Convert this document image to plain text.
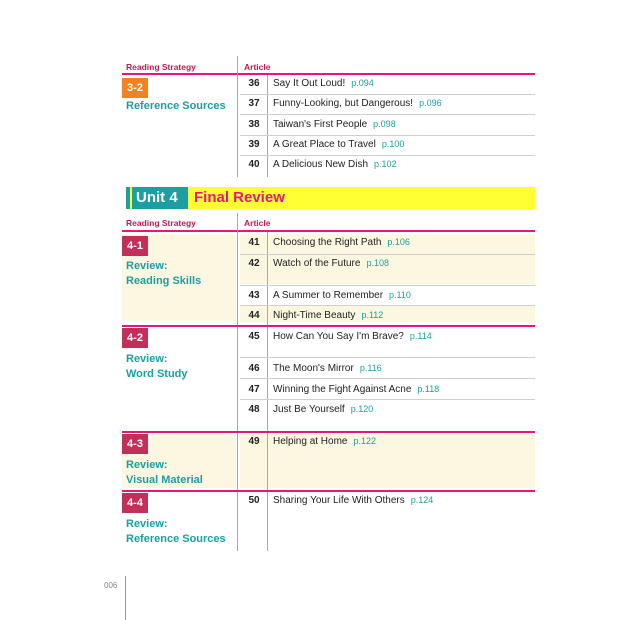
Reading Strategy	Article
3-2
Reference Sources
36	Say It Out Loud! p.094
37	Funny-Looking, but Dangerous! p.096
38	Taiwan's First People p.098
39	A Great Place to Travel p.100
40	A Delicious New Dish p.102
Unit 4 Final Review
Reading Strategy	Article
4-1
Review:
Reading Skills
41	Choosing the Right Path p.106
42	Watch of the Future p.108
43	A Summer to Remember p.110
44	Night-Time Beauty p.112
4-2
Review:
Word Study
45	How Can You Say I'm Brave? p.114
46	The Moon's Mirror p.116
47	Winning the Fight Against Acne p.118
48	Just Be Yourself p.120
4-3
Review:
Visual Material
49	Helping at Home p.122
4-4
Review:
Reference Sources
50	Sharing Your Life With Others p.124
006
